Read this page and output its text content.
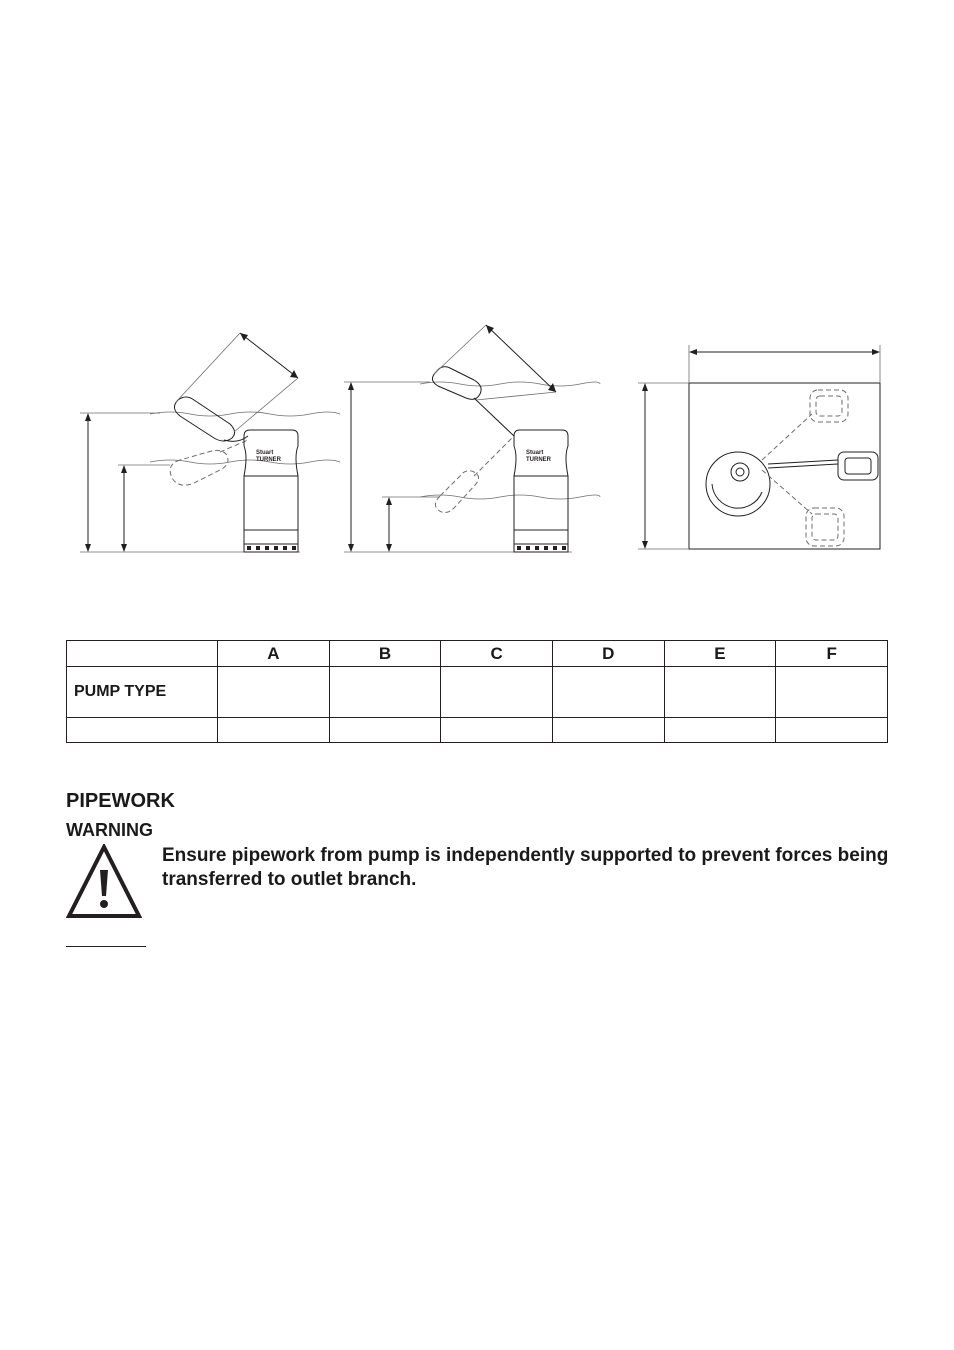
Stuart
TURNER
Stuart
TURNER
	A	B	C	D	E	F
PUMP TYPE						

PIPEWORK
WARNING

Ensure pipework from pump is independently supported to prevent forces being transferred to outlet branch.
